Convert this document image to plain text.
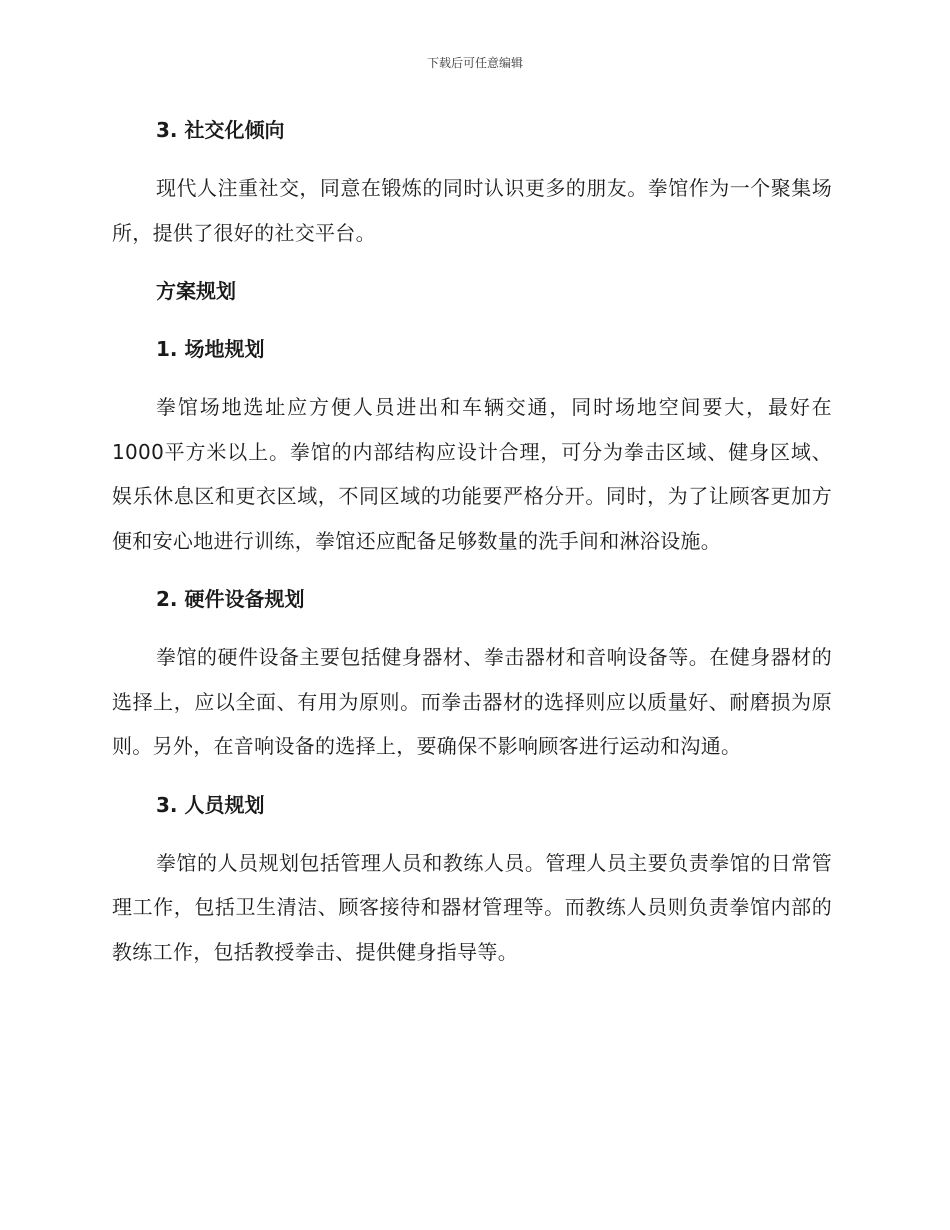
下载后可任意编辑
3. 社交化倾向

现代人注重社交，同意在锻炼的同时认识更多的朋友。拳馆作为一个聚集场所，提供了很好的社交平台。

方案规划
1. 场地规划

拳馆场地选址应方便人员进出和车辆交通，同时场地空间要大，最好在1000平方米以上。拳馆的内部结构应设计合理，可分为拳击区域、健身区域、娱乐休息区和更衣区域，不同区域的功能要严格分开。同时，为了让顾客更加方便和安心地进行训练，拳馆还应配备足够数量的洗手间和淋浴设施。

2. 硬件设备规划

拳馆的硬件设备主要包括健身器材、拳击器材和音响设备等。在健身器材的选择上，应以全面、有用为原则。而拳击器材的选择则应以质量好、耐磨损为原则。另外，在音响设备的选择上，要确保不影响顾客进行运动和沟通。

3. 人员规划

拳馆的人员规划包括管理人员和教练人员。管理人员主要负责拳馆的日常管理工作，包括卫生清洁、顾客接待和器材管理等。而教练人员则负责拳馆内部的教练工作，包括教授拳击、提供健身指导等。
